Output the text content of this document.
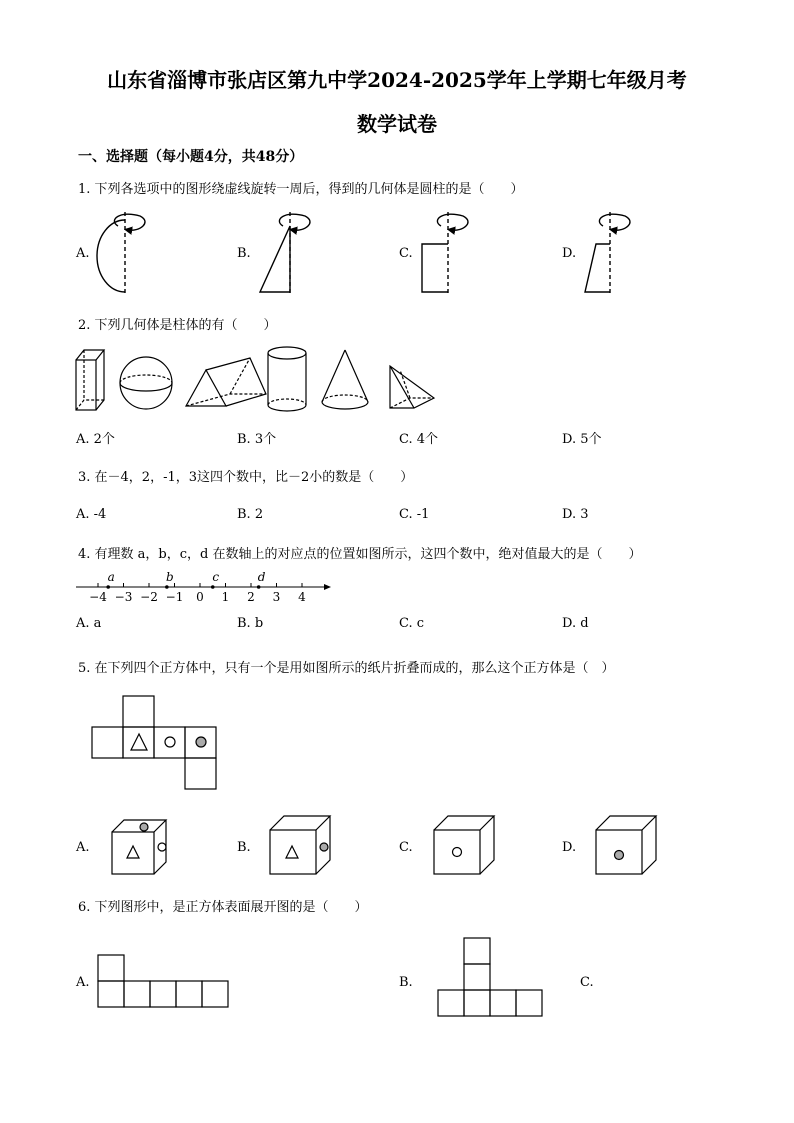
山东省淄博市张店区第九中学2024-2025学年上学期七年级月考
数学试卷
一、选择题（每小题4分，共48分）
1. 下列各选项中的图形绕虚线旋转一周后，得到的几何体是圆柱的是（　　）
A.	B.	C.	D.
2. 下列几何体是柱体的有（　　）
A. 2个	B. 3个	C. 4个	D. 5个
3. 在－4，2，-1，3这四个数中，比－2小的数是（　　）
A. -4	B. 2	C. -1	D. 3
4. 有理数 a，b，c，d 在数轴上的对应点的位置如图所示，这四个数中，绝对值最大的是（　　）
−4 −3 −2 −1 0 1 2 3 4
a	b	c	d
A. a	B. b	C. c	D. d
5. 在下列四个正方体中，只有一个是用如图所示的纸片折叠而成的，那么这个正方体是（　）
A.	B.	C.	D.
6. 下列图形中，是正方体表面展开图的是（　　）
A.	B.	C.
